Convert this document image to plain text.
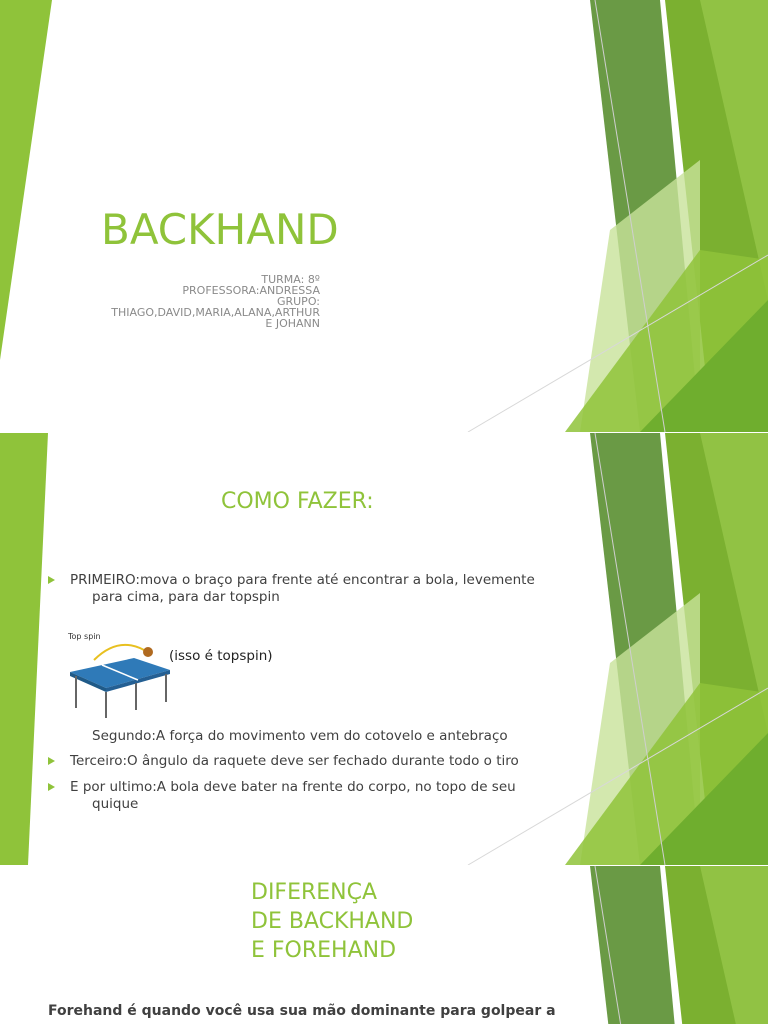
BACKHAND
TURMA: 8º
PROFESSORA:ANDRESSA
GRUPO:
THIAGO,DAVID,MARIA,ALANA,ARTHUR
E JOHANN
COMO FAZER:
PRIMEIRO:mova o braço para frente até encontrar a bola, levemente
para cima, para dar topspin
Top spin
(isso é topspin)
Segundo:A força do movimento vem do cotovelo e antebraço
Terceiro:O ângulo da raquete deve ser fechado durante todo o tiro
E por ultimo:A bola deve bater na frente do corpo, no topo de seu
quique
DIFERENÇA
DE BACKHAND
E FOREHAND
Forehand é quando você usa sua mão dominante para golpear a
